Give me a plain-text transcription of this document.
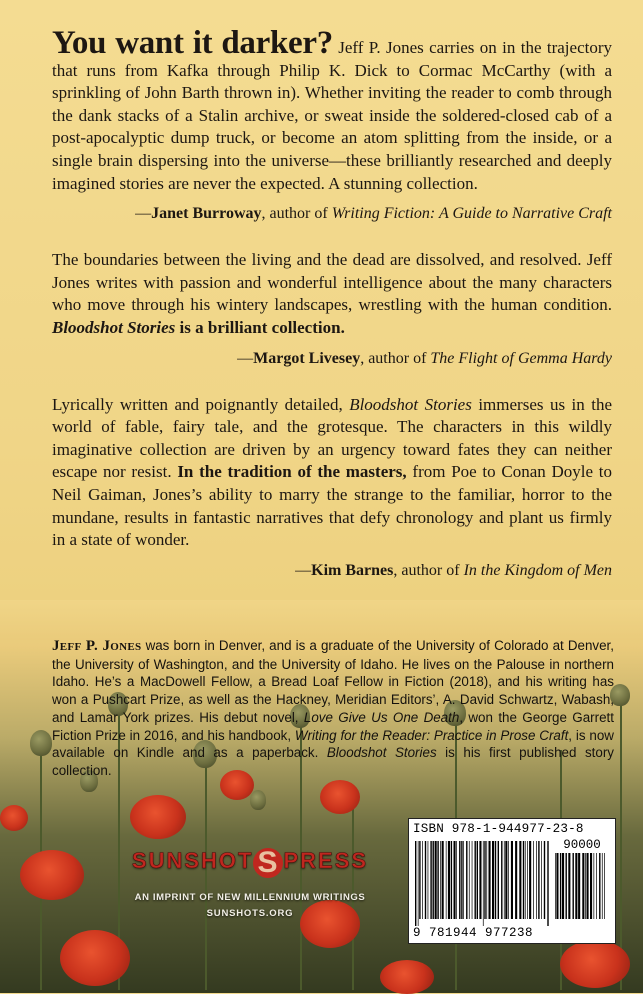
You want it darker? Jeff P. Jones carries on in the trajectory that runs from Kafka through Philip K. Dick to Cormac McCarthy (with a sprinkling of John Barth thrown in). Whether inviting the reader to comb through the dank stacks of a Stalin archive, or sweat inside the soldered-closed cab of a post-apocalyptic dump truck, or become an atom splitting from the inside, or a single brain dispersing into the universe—these brilliantly researched and deeply imagined stories are never the expected. A stunning collection.

—Janet Burroway, author of Writing Fiction: A Guide to Narrative Craft

The boundaries between the living and the dead are dissolved, and resolved. Jeff Jones writes with passion and wonderful intelligence about the many characters who move through his wintery landscapes, wrestling with the human condition. Bloodshot Stories is a brilliant collection.

—Margot Livesey, author of The Flight of Gemma Hardy

Lyrically written and poignantly detailed, Bloodshot Stories immerses us in the world of fable, fairy tale, and the grotesque. The characters in this wildly imaginative collection are driven by an urgency toward fates they can neither escape nor resist. In the tradition of the masters, from Poe to Conan Doyle to Neil Gaiman, Jones’s ability to marry the strange to the familiar, horror to the mundane, results in fantastic narratives that defy chronology and plant us firmly in a state of wonder.

—Kim Barnes, author of In the Kingdom of Men

Jeff P. Jones was born in Denver, and is a graduate of the University of Colorado at Denver, the University of Washington, and the University of Idaho. He lives on the Palouse in northern Idaho. He’s a MacDowell Fellow, a Bread Loaf Fellow in Fiction (2018), and his writing has won a Pushcart Prize, as well as the Hackney, Meridian Editors’, A. David Schwartz, Wabash, and Lamar York prizes. His debut novel, Love Give Us One Death, won the George Garrett Fiction Prize in 2016, and his handbook, Writing for the Reader: Practice in Prose Craft, is now available on Kindle and as a paperback. Bloodshot Stories is his first published story collection.

SUNSHOT S PRESS
AN IMPRINT OF NEW MILLENNIUM WRITINGS
SUNSHOTS.ORG
ISBN 978-1-944977-23-8
90000
9 781944 977238
